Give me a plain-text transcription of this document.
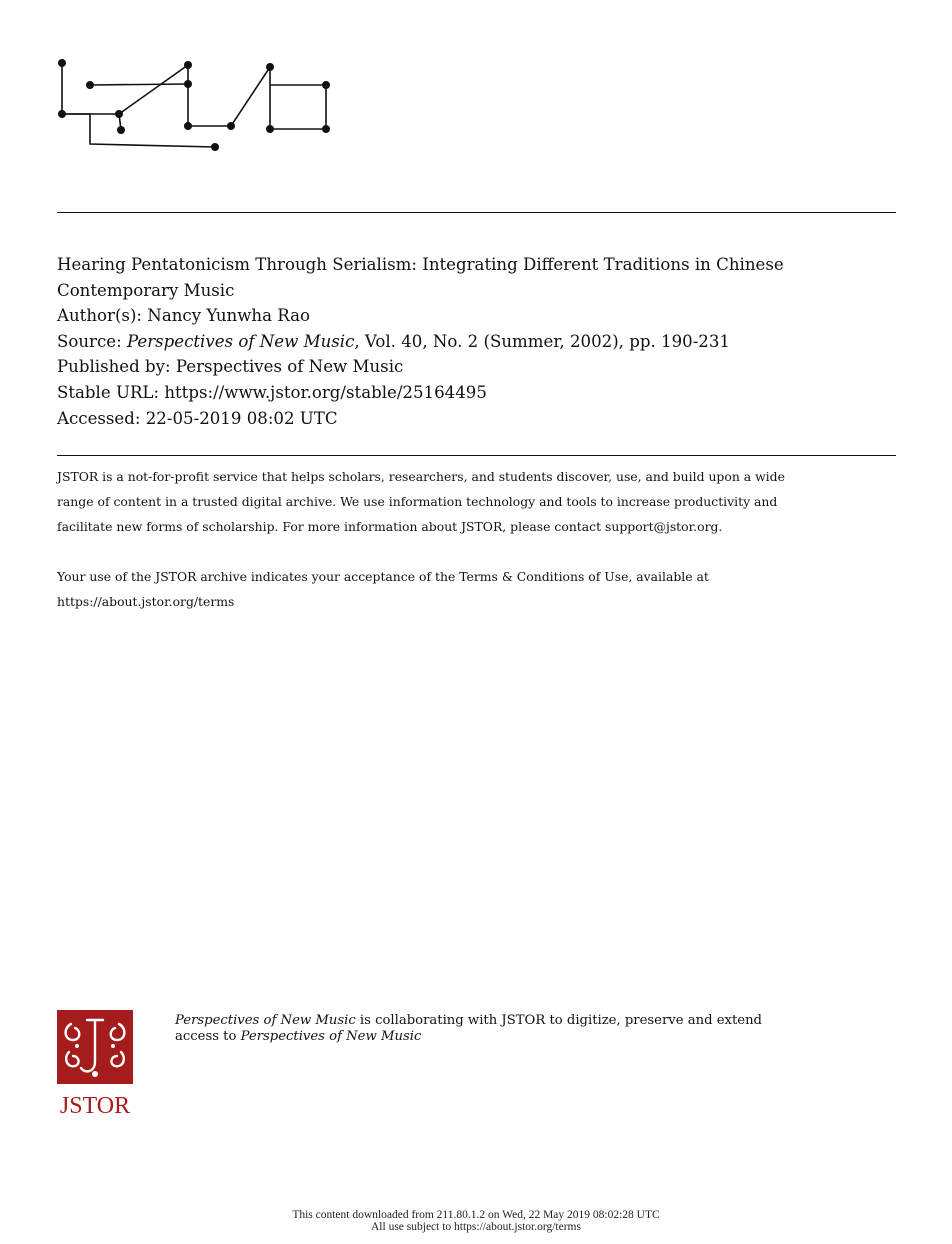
Hearing Pentatonicism Through Serialism: Integrating Different Traditions in Chinese Contemporary Music
Author(s): Nancy Yunwha Rao
Source: Perspectives of New Music, Vol. 40, No. 2 (Summer, 2002), pp. 190-231
Published by: Perspectives of New Music
Stable URL: https://www.jstor.org/stable/25164495
Accessed: 22-05-2019 08:02 UTC

JSTOR is a not-for-profit service that helps scholars, researchers, and students discover, use, and build upon a wide

range of content in a trusted digital archive. We use information technology and tools to increase productivity and

facilitate new forms of scholarship. For more information about JSTOR, please contact support@jstor.org.

Your use of the JSTOR archive indicates your acceptance of the Terms & Conditions of Use, available at

https://about.jstor.org/terms

JSTOR
Perspectives of New Music is collaborating with JSTOR to digitize, preserve and extend
access to Perspectives of New Music
This content downloaded from 211.80.1.2 on Wed, 22 May 2019 08:02:28 UTC
All use subject to https://about.jstor.org/terms
